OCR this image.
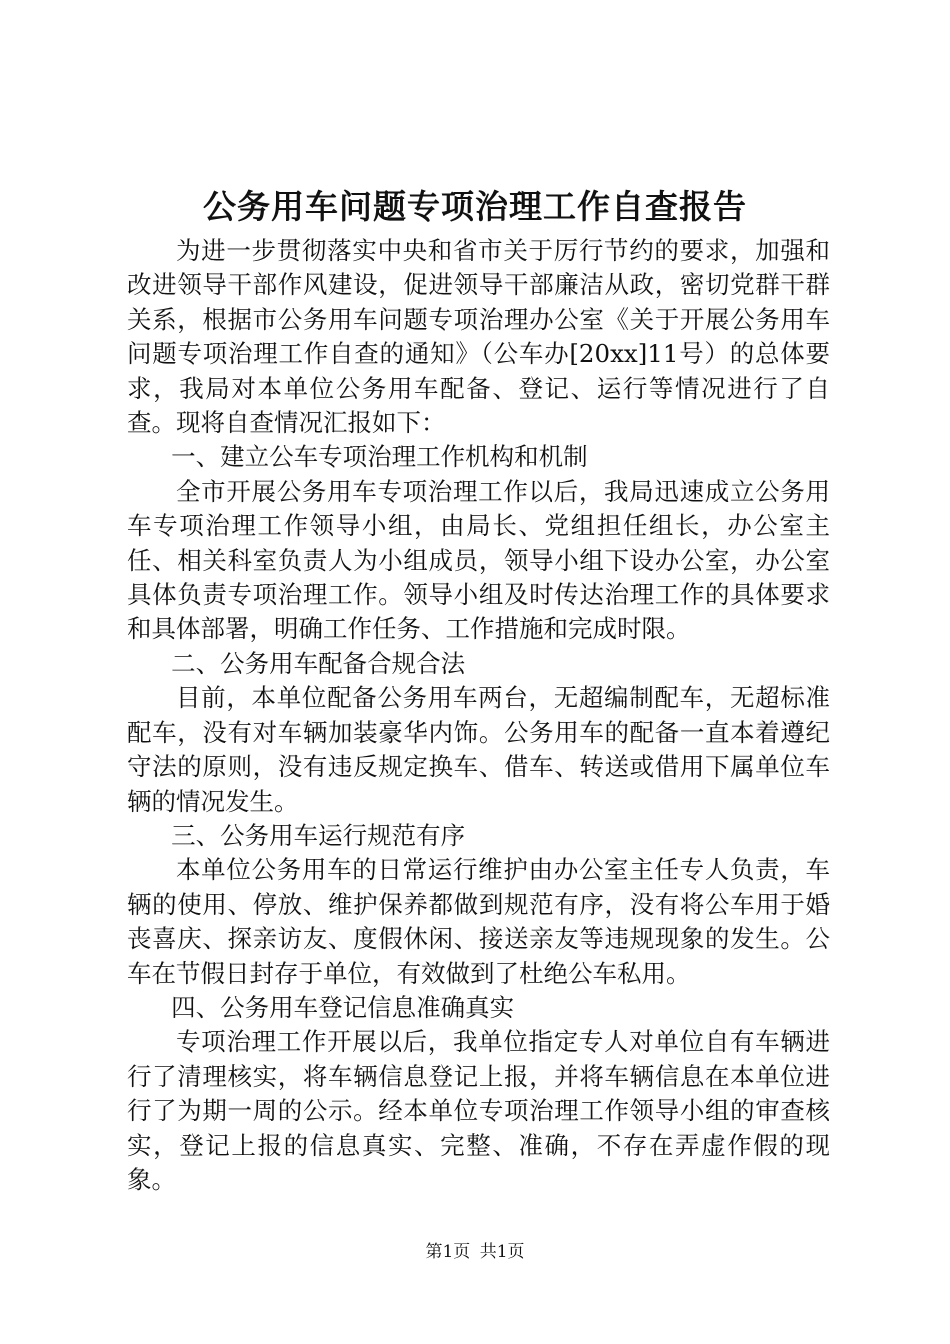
公务用车问题专项治理工作自查报告

为进一步贯彻落实中央和省市关于厉行节约的要求，加强和改进领导干部作风建设，促进领导干部廉洁从政，密切党群干群关系，根据市公务用车问题专项治理办公室《关于开展公务用车问题专项治理工作自查的通知》（公车办[20xx]11号）的总体要求，我局对本单位公务用车配备、登记、运行等情况进行了自查。现将自查情况汇报如下：

一、建立公车专项治理工作机构和机制

全市开展公务用车专项治理工作以后，我局迅速成立公务用车专项治理工作领导小组，由局长、党组担任组长，办公室主任、相关科室负责人为小组成员，领导小组下设办公室，办公室具体负责专项治理工作。领导小组及时传达治理工作的具体要求和具体部署，明确工作任务、工作措施和完成时限。

二、公务用车配备合规合法

目前，本单位配备公务用车两台，无超编制配车，无超标准配车，没有对车辆加装豪华内饰。公务用车的配备一直本着遵纪守法的原则，没有违反规定换车、借车、转送或借用下属单位车辆的情况发生。

三、公务用车运行规范有序

本单位公务用车的日常运行维护由办公室主任专人负责，车辆的使用、停放、维护保养都做到规范有序，没有将公车用于婚丧喜庆、探亲访友、度假休闲、接送亲友等违规现象的发生。公车在节假日封存于单位，有效做到了杜绝公车私用。

四、公务用车登记信息准确真实

专项治理工作开展以后，我单位指定专人对单位自有车辆进行了清理核实，将车辆信息登记上报，并将车辆信息在本单位进行了为期一周的公示。经本单位专项治理工作领导小组的审查核实，登记上报的信息真实、完整、准确，不存在弄虚作假的现象。

第1页 共1页
